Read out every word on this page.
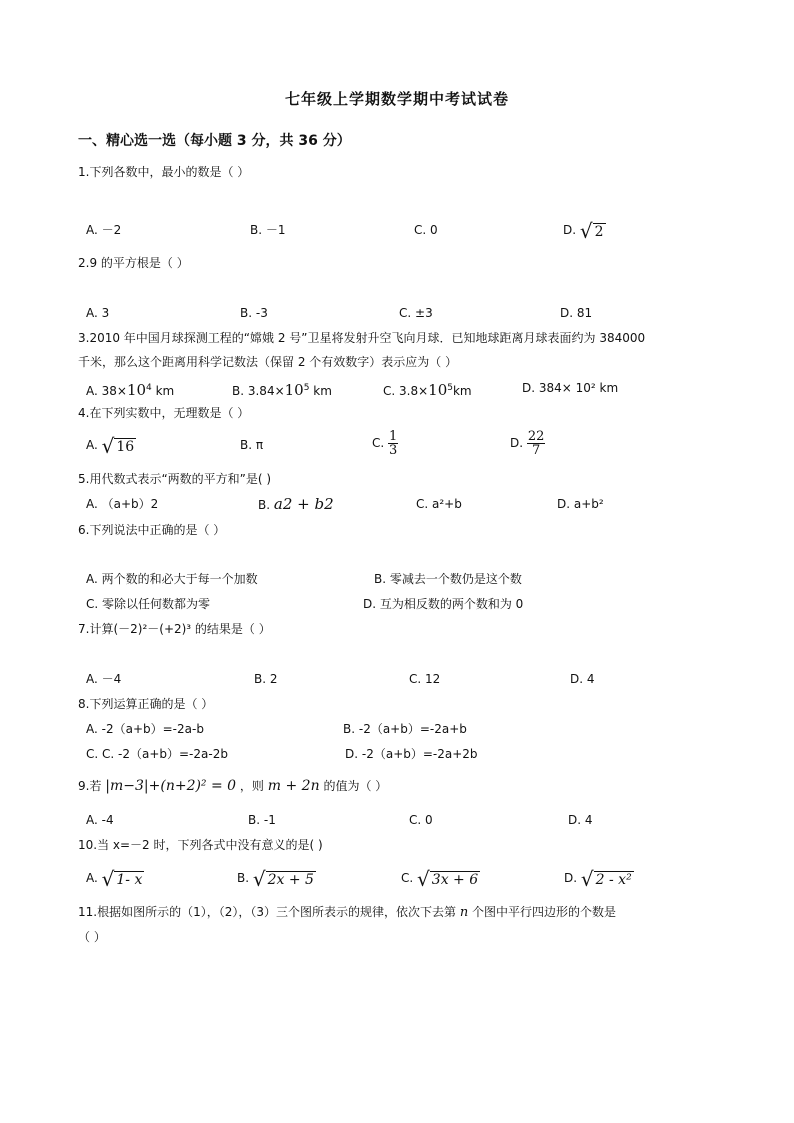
七年级上学期数学期中考试试卷
一、精心选一选（每小题 3 分，共 36 分）
1.下列各数中，最小的数是（ ）
A. －2	B. －1	C. 0	D. √ 2
2.9 的平方根是（ ）
A. 3	B. -3	C. ±3	D. 81
3.2010 年中国月球探测工程的“嫦娥 2 号”卫星将发射升空飞向月球．已知地球距离月球表面约为 384000
千米，那么这个距离用科学记数法（保留 2 个有效数字）表示应为（ ）
A. $38\times 10^4$ km	B. $3.84\times 10^5$ km	C. $3.8\times 10^5km$	D. 384× 10² km
4.在下列实数中，无理数是（ ）
A. √ 16	B. π	C. $\frac{1}{3}$	D. $\frac{22}{7}$
5.用代数式表示“两数的平方和”是( )
A. （a+b）2	B. a2 + b2	C. a²+b	D. a+b²
6.下列说法中正确的是（ ）
A. 两个数的和必大于每一个加数	B. 零减去一个数仍是这个数
C. 零除以任何数都为零	D. 互为相反数的两个数和为 0
7.计算(－2)²－(+2)³ 的结果是（ ）
A. －4	B. 2	C. 12	D. 4
8.下列运算正确的是（ ）
A. -2（a+b）=-2a-b	B. -2（a+b）=-2a+b
C. C. -2（a+b）=-2a-2b	D. -2（a+b）=-2a+2b
9.若 |m−3|+(n+2)² = 0 ，则 m + 2n 的值为（ ）
A. -4	B. -1	C. 0	D. 4
10.当 x=－2 时，下列各式中没有意义的是( )
A. √ 1- x	B. √ 2x + 5	C. √ 3x + 6	D. √ 2 - x²
11.根据如图所示的（1），（2），（3）三个图所表示的规律，依次下去第 n 个图中平行四边形的个数是
（ ）
